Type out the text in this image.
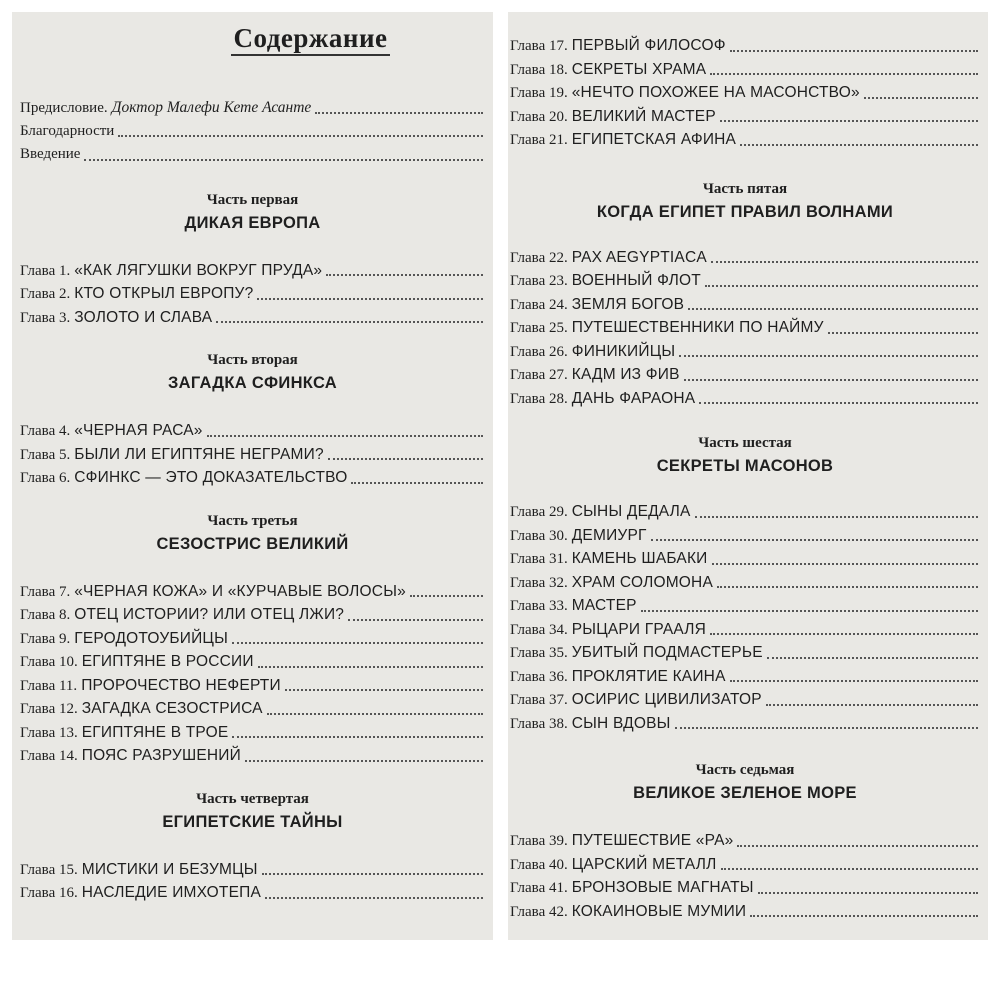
Содержание
Предисловие. Доктор Малефи Кете Асанте
Благодарности
Введение
Часть первая
ДИКАЯ ЕВРОПА
Глава 1. «КАК ЛЯГУШКИ ВОКРУГ ПРУДА»
Глава 2. КТО ОТКРЫЛ ЕВРОПУ?
Глава 3. ЗОЛОТО И СЛАВА
Часть вторая
ЗАГАДКА СФИНКСА
Глава 4. «ЧЕРНАЯ РАСА»
Глава 5. БЫЛИ ЛИ ЕГИПТЯНЕ НЕГРАМИ?
Глава 6. СФИНКС — ЭТО ДОКАЗАТЕЛЬСТВО
Часть третья
СЕЗОСТРИС ВЕЛИКИЙ
Глава 7. «ЧЕРНАЯ КОЖА» И «КУРЧАВЫЕ ВОЛОСЫ»
Глава 8. ОТЕЦ ИСТОРИИ? ИЛИ ОТЕЦ ЛЖИ?
Глава 9. ГЕРОДОТОУБИЙЦЫ
Глава 10. ЕГИПТЯНЕ В РОССИИ
Глава 11. ПРОРОЧЕСТВО НЕФЕРТИ
Глава 12. ЗАГАДКА СЕЗОСТРИСА
Глава 13. ЕГИПТЯНЕ В ТРОЕ
Глава 14. ПОЯС РАЗРУШЕНИЙ
Часть четвертая
ЕГИПЕТСКИЕ ТАЙНЫ
Глава 15. МИСТИКИ И БЕЗУМЦЫ
Глава 16. НАСЛЕДИЕ ИМХОТЕПА
Глава 17. ПЕРВЫЙ ФИЛОСОФ
Глава 18. СЕКРЕТЫ ХРАМА
Глава 19. «НЕЧТО ПОХОЖЕЕ НА МАСОНСТВО»
Глава 20. ВЕЛИКИЙ МАСТЕР
Глава 21. ЕГИПЕТСКАЯ АФИНА
Часть пятая
КОГДА ЕГИПЕТ ПРАВИЛ ВОЛНАМИ
Глава 22. PAX AEGYPTIACA
Глава 23. ВОЕННЫЙ ФЛОТ
Глава 24. ЗЕМЛЯ БОГОВ
Глава 25. ПУТЕШЕСТВЕННИКИ ПО НАЙМУ
Глава 26. ФИНИКИЙЦЫ
Глава 27. КАДМ ИЗ ФИВ
Глава 28. ДАНЬ ФАРАОНА
Часть шестая
СЕКРЕТЫ МАСОНОВ
Глава 29. СЫНЫ ДЕДАЛА
Глава 30. ДЕМИУРГ
Глава 31. КАМЕНЬ ШАБАКИ
Глава 32. ХРАМ СОЛОМОНА
Глава 33. МАСТЕР
Глава 34. РЫЦАРИ ГРААЛЯ
Глава 35. УБИТЫЙ ПОДМАСТЕРЬЕ
Глава 36. ПРОКЛЯТИЕ КАИНА
Глава 37. ОСИРИС ЦИВИЛИЗАТОР
Глава 38. СЫН ВДОВЫ
Часть седьмая
ВЕЛИКОЕ ЗЕЛЕНОЕ МОРЕ
Глава 39. ПУТЕШЕСТВИЕ «РА»
Глава 40. ЦАРСКИЙ МЕТАЛЛ
Глава 41. БРОНЗОВЫЕ МАГНАТЫ
Глава 42. КОКАИНОВЫЕ МУМИИ
